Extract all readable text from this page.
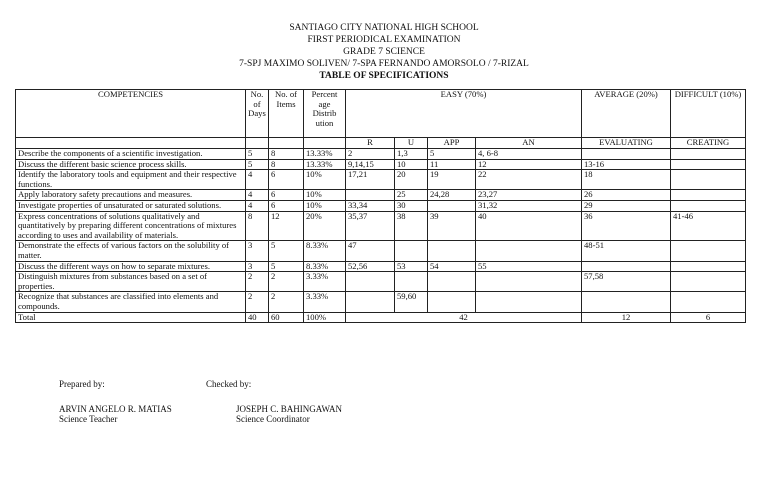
SANTIAGO CITY NATIONAL HIGH SCHOOL
FIRST PERIODICAL EXAMINATION
GRADE 7 SCIENCE
7-SPJ MAXIMO SOLIVEN/ 7-SPA FERNANDO AMORSOLO / 7-RIZAL
TABLE OF SPECIFICATIONS
COMPETENCIES	No. of Days	No. of Items	Percent age Distrib ution	EASY (70%)				AVERAGE (20%)	DIFFICULT (10%)
				R	U	APP	AN	EVALUATING	CREATING
Describe the components of a scientific investigation.	5	8	13.33%	2	1,3	5	4, 6-8		
Discuss the different basic science process skills.	5	8	13.33%	9,14,15	10	11	12	13-16	
Identify the laboratory tools and equipment and their respective functions.	4	6	10%	17,21	20	19	22	18	
Apply laboratory safety precautions and measures.	4	6	10%		25	24,28	23,27	26	
Investigate properties of unsaturated or saturated solutions.	4	6	10%	33,34	30		31,32	29	
Express concentrations of solutions qualitatively and quantitatively by preparing different concentrations of mixtures according to uses and availability of materials.	8	12	20%	35,37	38	39	40	36	41-46
Demonstrate the effects of various factors on the solubility of matter.	3	5	8.33%	47				48-51	
Discuss the different ways on how to separate mixtures.	3	5	8.33%	52,56	53	54	55		
Distinguish mixtures from substances based on a set of properties.	2	2	3.33%					57,58	
Recognize that substances are classified into elements and compounds.	2	2	3.33%		59,60				
Total	40	60	100%	42				12	6
Prepared by:	Checked by:
ARVIN ANGELO R. MATIAS
Science Teacher
JOSEPH C. BAHINGAWAN
Science Coordinator
